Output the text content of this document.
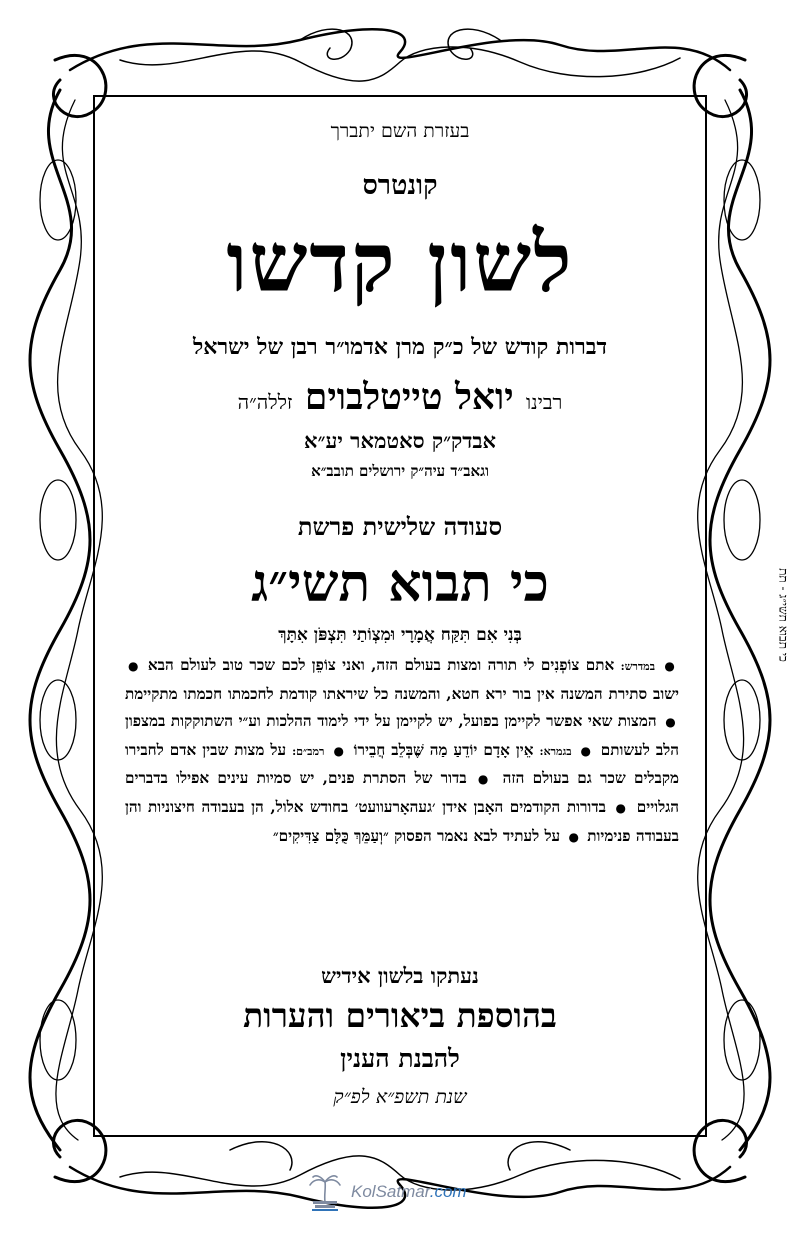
בעזרת השם יתברך
קונטרס
לשון קדשו
דברות קודש של כ״ק מרן אדמו״ר רבן של ישראל
רבינו יואל טייטלבוים זללה״ה
אבדק״ק סאטמאר יע״א
וגאב״ד עיה״ק ירושלים תובב״א
סעודה שלישית פרשת
כי תבוא תשי״ג
בְּנִי אִם תִּקַּח אֲמָרָי וּמִצְוֹתַי תִּצְפֹּן אִתָּךְ
● במדרש: אתם צוֹפְנִים לי תורה ומצות בעולם הזה, ואני צוֹפֵן לכם שכר טוב לעולם הבא ● ישוב סתירת המשנה אין בור ירא חטא, והמשנה כל שיראתו קודמת לחכמתו חכמתו מתקיימת ● המצות שאי אפשר לקיימן בפועל, יש לקיימן על ידי לימוד ההלכות וע״י השתוקקות במצפון הלב לעשותם ● בגמרא: אֵין אָדָם יוֹדֵעַ מַה שֶּׁבְּלֵב חֲבֵירוֹ ● רמב״ם: על מצות שבין אדם לחבירו מקבלים שכר גם בעולם הזה ● בדור של הסתרת פנים, יש סמיות עינים אפילו בדברים הגלויים ● בדורות הקודמים האָבן אידן ׳געהאָרעוועט׳ בחודש אלול, הן בעבודה חיצוניות והן בעבודה פנימיות ● על לעתיד לבא נאמר הפסוק ״וְעַמֵּךְ כֻּלָּם צַדִּיקִים״
נעתקו בלשון אידיש
בהוספת ביאורים והערות
להבנת הענין
שנת תשפ״א לפ״ק
כי תבוא תשי״ג - תת
KolSatmar.com
